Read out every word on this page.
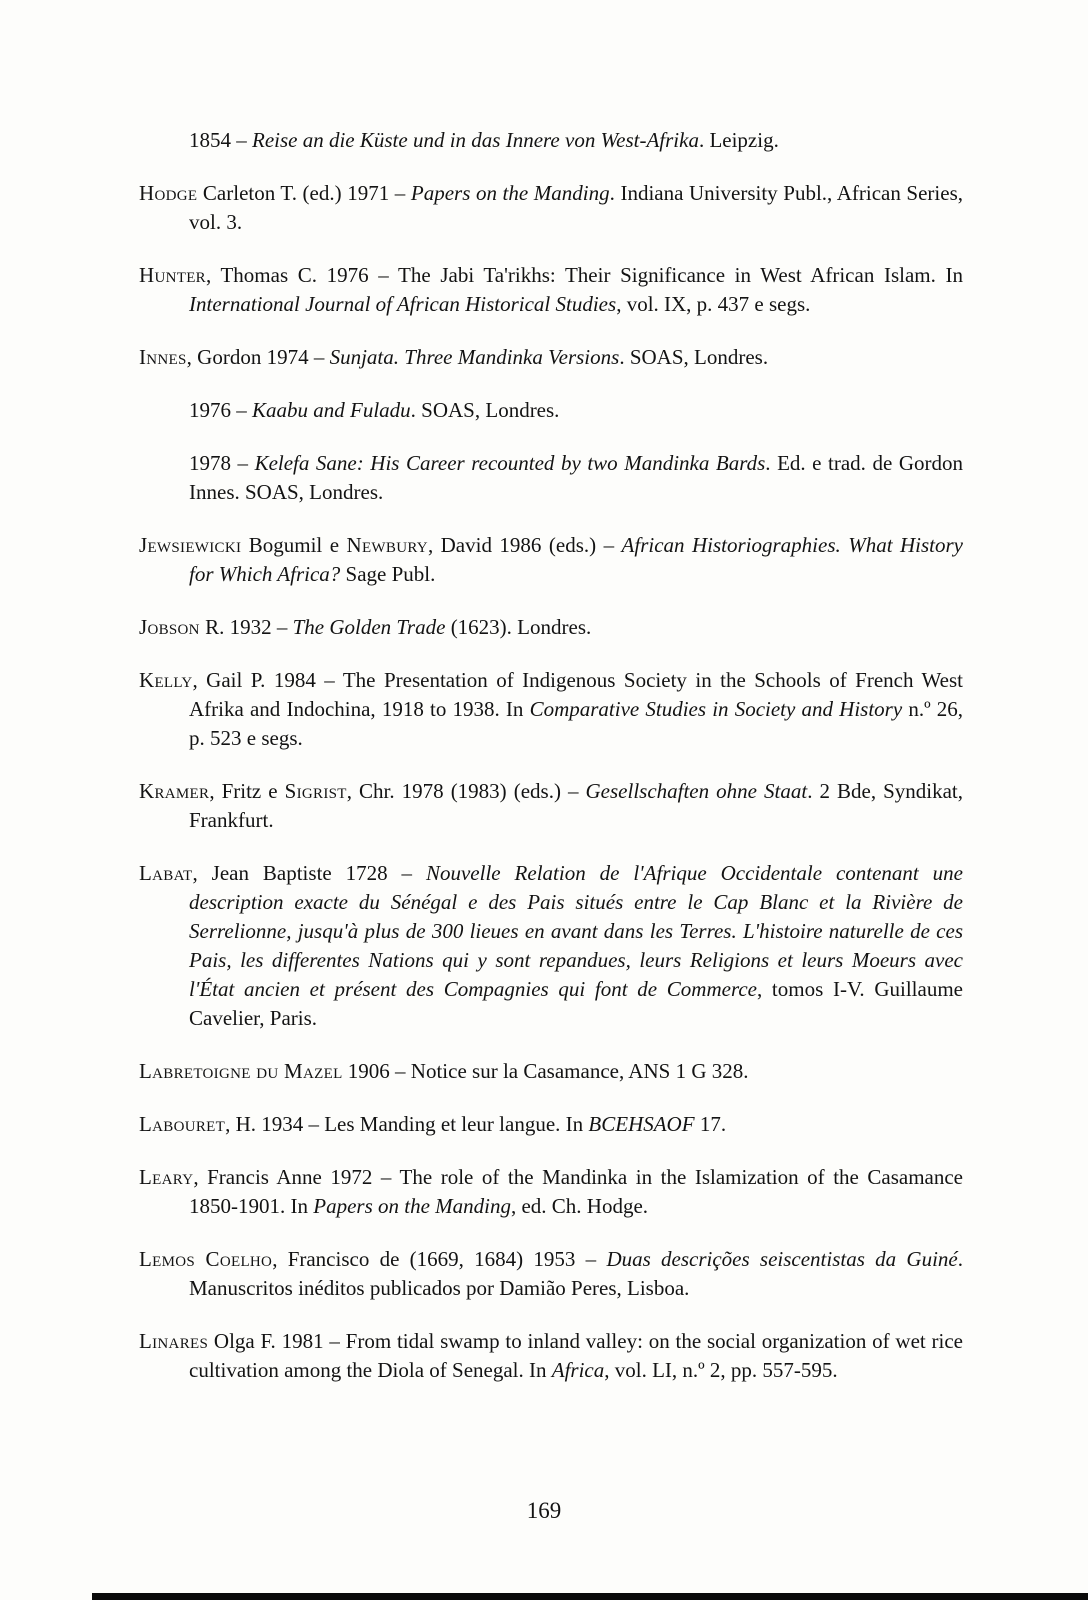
1854 – Reise an die Küste und in das Innere von West-Afrika. Leipzig.

Hodge Carleton T. (ed.) 1971 – Papers on the Manding. Indiana University Publ., African Series, vol. 3.

Hunter, Thomas C. 1976 – The Jabi Ta'rikhs: Their Significance in West African Islam. In International Journal of African Historical Studies, vol. IX, p. 437 e segs.

Innes, Gordon 1974 – Sunjata. Three Mandinka Versions. SOAS, Londres.

1976 – Kaabu and Fuladu. SOAS, Londres.

1978 – Kelefa Sane: His Career recounted by two Mandinka Bards. Ed. e trad. de Gordon Innes. SOAS, Londres.

Jewsiewicki Bogumil e Newbury, David 1986 (eds.) – African Historiographies. What History for Which Africa? Sage Publ.

Jobson R. 1932 – The Golden Trade (1623). Londres.

Kelly, Gail P. 1984 – The Presentation of Indigenous Society in the Schools of French West Afrika and Indochina, 1918 to 1938. In Comparative Studies in Society and History n.º 26, p. 523 e segs.

Kramer, Fritz e Sigrist, Chr. 1978 (1983) (eds.) – Gesellschaften ohne Staat. 2 Bde, Syndikat, Frankfurt.

Labat, Jean Baptiste 1728 – Nouvelle Relation de l'Afrique Occidentale contenant une description exacte du Sénégal e des Pais situés entre le Cap Blanc et la Rivière de Serrelionne, jusqu'à plus de 300 lieues en avant dans les Terres. L'histoire naturelle de ces Pais, les differentes Nations qui y sont repandues, leurs Religions et leurs Moeurs avec l'État ancien et présent des Compagnies qui font de Commerce, tomos I-V. Guillaume Cavelier, Paris.

Labretoigne du Mazel 1906 – Notice sur la Casamance, ANS 1 G 328.

Labouret, H. 1934 – Les Manding et leur langue. In BCEHSAOF 17.

Leary, Francis Anne 1972 – The role of the Mandinka in the Islamization of the Casamance 1850-1901. In Papers on the Manding, ed. Ch. Hodge.

Lemos Coelho, Francisco de (1669, 1684) 1953 – Duas descrições seiscentistas da Guiné. Manuscritos inéditos publicados por Damião Peres, Lisboa.

Linares Olga F. 1981 – From tidal swamp to inland valley: on the social organization of wet rice cultivation among the Diola of Senegal. In Africa, vol. LI, n.º 2, pp. 557-595.

169
